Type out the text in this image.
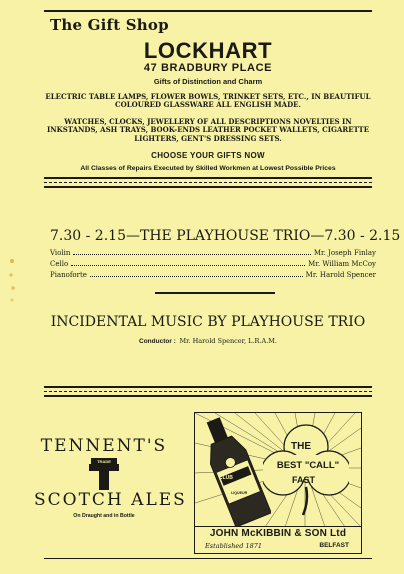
The Gift Shop
LOCKHART
47 BRADBURY PLACE
Gifts of Distinction and Charm
ELECTRIC TABLE LAMPS, FLOWER BOWLS, TRINKET SETS, ETC., IN BEAUTIFUL COLOURED GLASSWARE ALL ENGLISH MADE.
WATCHES, CLOCKS, JEWELLERY OF ALL DESCRIPTIONS NOVELTIES IN INKSTANDS, ASH TRAYS, BOOK-ENDS LEATHER POCKET WALLETS, CIGARETTE LIGHTERS, GENT'S DRESSING SETS.
CHOOSE YOUR GIFTS NOW
All Classes of Repairs Executed by Skilled Workmen at Lowest Possible Prices
7.30 - 2.15 —THE PLAYHOUSE TRIO— 7.30 - 2.15
Violin	Mr. Joseph Finlay
Cello	Mr. William McCoy
Pianoforte	Mr. Harold Spencer
INCIDENTAL MUSIC BY PLAYHOUSE TRIO
Conductor : Mr. Harold Spencer, L.R.A.M.
TENNENT'S
TRADE
SCOTCH ALES
On Draught and in Bottle
THE
BEST "CALL"
FAST
CLUB
LIQUEUR
JOHN McKIBBIN & SON Ltd
Established 1871	BELFAST
